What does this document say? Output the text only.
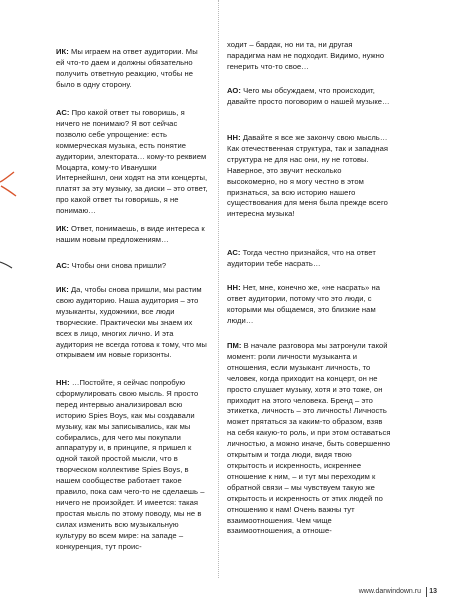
ИК: Мы играем на ответ аудитории. Мы ей что-то даем и должны обязательно получить ответную реакцию, чтобы не было в одну сторону.
АС: Про какой ответ ты говоришь, я ничего не понимаю? Я вот сейчас позволю себе упрощение: есть коммерческая музыка, есть понятие аудитории, электората… кому-то реквием Моцарта, кому-то Иванушки Интернейшнл, они ходят на эти концерты, платят за эту музыку, за диски – это ответ, про какой ответ ты говоришь, я не понимаю…
ИК: Ответ, понимаешь, в виде интереса к нашим новым предложениям…
АС: Чтобы они снова пришли?
ИК: Да, чтобы снова пришли, мы растим свою аудиторию. Наша аудитория – это музыканты, художники, все люди творческие. Практически мы знаем их всех в лицо, многих лично. И эта аудитория не всегда готова к тому, что мы открываем им новые горизонты.
НН: …Постойте, я сейчас попробую сформулировать свою мысль. Я просто перед интервью анализировал всю историю Spies Boys, как мы создавали музыку, как мы записывались, как мы собирались, для чего мы покупали аппаратуру и, в принципе, я пришел к одной такой простой мысли, что в творческом коллективе Spies Boys, в нашем сообществе работает такое правило, пока сам чего-то не сделаешь – ничего не произойдет. И имеется: такая простая мысль по этому поводу, мы не в силах изменить всю музыкальную культуру во всем мире: на западе – конкуренция, тут проис-
ходит – бардак, но ни та, ни другая парадигма нам не подходит. Видимо, нужно генерить что-то свое…
АО: Чего мы обсуждаем, что происходит, давайте просто поговорим о нашей музыке…
НН: Давайте я все же закончу свою мысль… Как отечественная структура, так и западная структура не для нас они, ну не готовы. Наверное, это звучит несколько высокомерно, но я могу честно в этом признаться, за всю историю нашего существования для меня была прежде всего интересна музыка!
АС: Тогда честно признайся, что на ответ аудитории тебе насрать…
НН: Нет, мне, конечно же, «не насрать» на ответ аудитории, потому что это люди, с которыми мы общаемся, это близкие нам люди…
ПМ: В начале разговора мы затронули такой момент: роли личности музыканта и отношения, если музыкант личность, то человек, когда приходит на концерт, он не просто слушает музыку, хотя и это тоже, он приходит на этого человека. Бренд – это этикетка, личность – это личность! Личность может прятаться за каким-то образом, взяв на себя какую-то роль, и при этом оставаться личностью, а можно иначе, быть совершенно открытым и тогда люди, видя твою открытость и искренность, искреннее отношение к ним, – и тут мы переходим к обратной связи – мы чувствуем такую же открытость и искренность от этих людей по отношению к нам! Очень важны тут взаимоотношения. Чем чище взаимоотношения, а отноше-
www.darwindown.ru 13
